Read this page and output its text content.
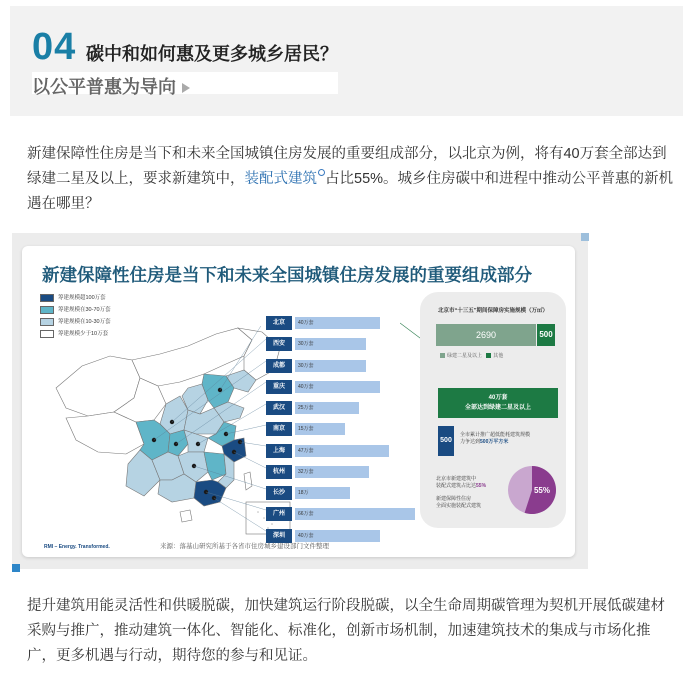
04 碳中和如何惠及更多城乡居民？
以公平普惠为导向
新建保障性住房是当下和未来全国城镇住房发展的重要组成部分，以北京为例，将有40万套全部达到绿建二星及以上，要求新建筑中，装配式建筑 占比55%。城乡住房碳中和进程中推动公平普惠的新机遇在哪里？
新建保障性住房是当下和未来全国城镇住房发展的重要组成部分
筹建规模超100万套
筹建规模在30-70万套
筹建规模在10-30万套
筹建规模少于10万套
北京	40万套
西安	30万套
成都	30万套
重庆	40万套
武汉	25万套
南京	15万套
上海	47万套
杭州	32万套
长沙	18万
广州	66万套
深圳	40万套
北京市“十三五”期间保障房实施规模（万㎡）
2690	500
绿建二星及以上 其他
40万套
全部达到绿建二星及以上
500
全市累计推广超低能耗建筑规模
力争达到500万平方米
北京市新建建筑中
装配式建筑占比达55%
新建保障性住房
全面实施装配式建筑
55%
RMI – Energy. Transformed.	来源：落基山研究所基于各省市住房城乡建设部门文件整理
提升建筑用能灵活性和供暖脱碳，加快建筑运行阶段脱碳，以全生命周期碳管理为契机开展低碳建材采购与推广，推动建筑一体化、智能化、标准化，创新市场机制，加速建筑技术的集成与市场化推广，更多机遇与行动，期待您的参与和见证。
